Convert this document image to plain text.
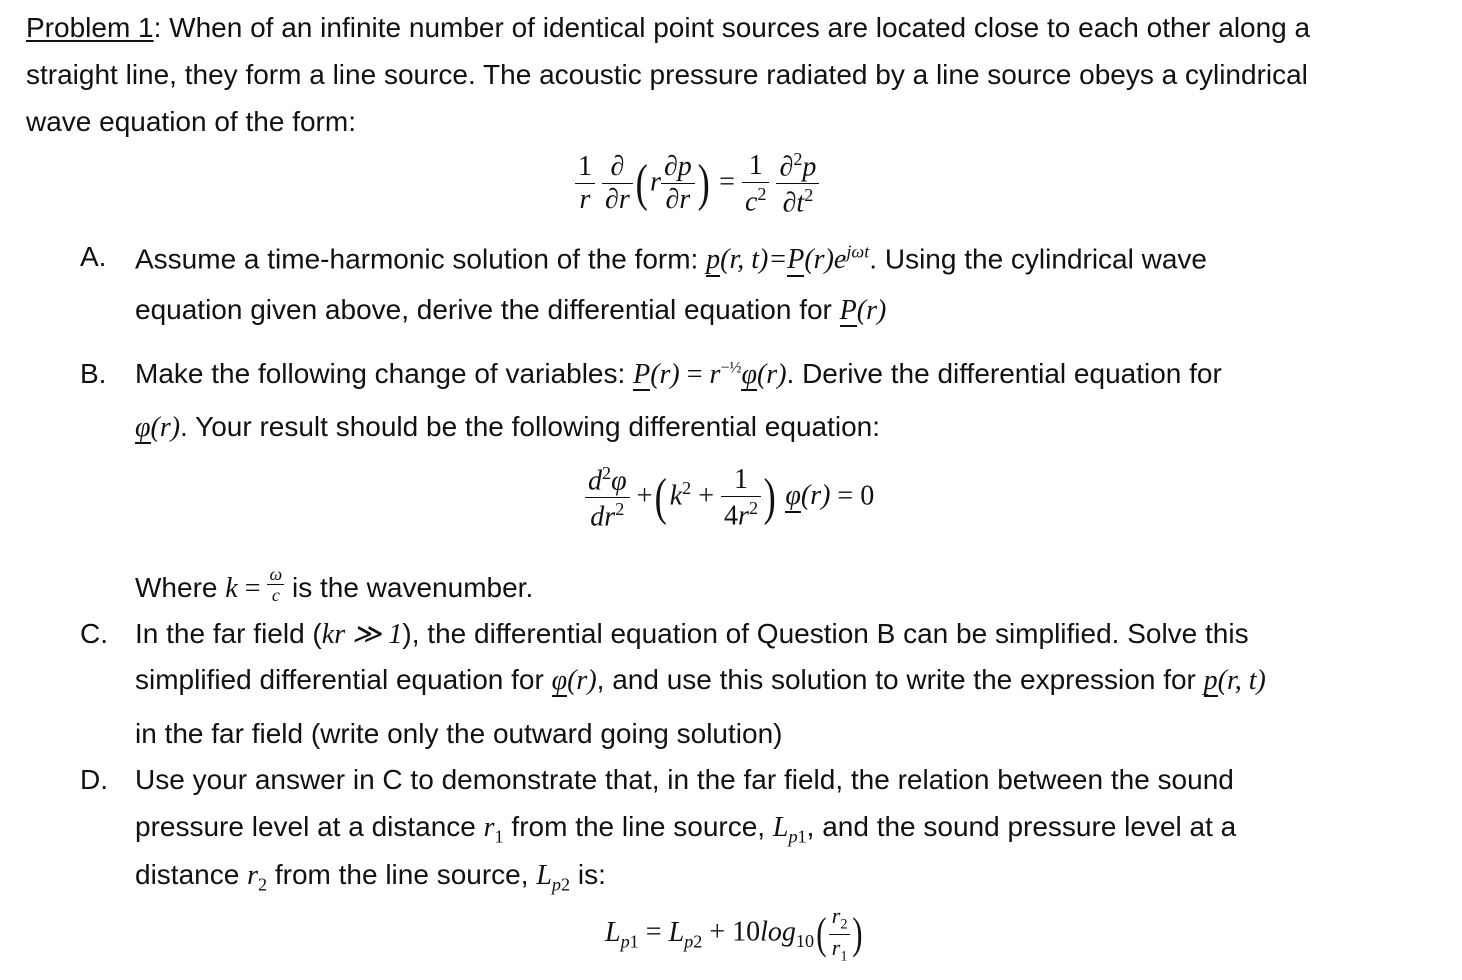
Problem 1: When of an infinite number of identical point sources are located close to each other along a
straight line, they form a line source. The acoustic pressure radiated by a line source obeys a cylindrical
wave equation of the form:
$\frac{1}{r}$
$\frac{\partial}{\partial r} (r \frac{\partial p}{\partial r}$ ) = $\frac{1}{c^2}$
$\frac{\partial^2p}{\partial t^2}$
A. Assume a time-harmonic solution of the form: p(r, $t)=P(r)e^{j\omega t}$. Using the cylindrical wave
equation given above, derive the differential equation for P(r)
B. Make the following change of variables: $P(r) = r^{-\frac{1}{2}}\varphi(r)$. Derive the differential equation for
φ(r). Your result should be the following differential equation:
$\frac{d^2\varphi}{dr^2} +(k^2 + \frac{1}{4r^2}$ ) φ(r) = 0
Where $k = \frac{\omega}{c}$ is the wavenumber.
C. In the far field (kr ≫ 1), the differential equation of Question B can be simplified. Solve this
simplified differential equation for φ(r), and use this solution to write the expression for p(r, t)
in the far field (write only the outward going solution)
D. Use your answer in C to demonstrate that, in the far field, the relation between the sound
pressure level at a distance $r_1$ from the line source, $L_{p1}$, and the sound pressure level at a
distance $r_2$ from the line source, $L_{p2}$ is:
$L_{p1} = L_{p2} + 10\log_{10}( \frac{r_2}{r_1}$ )
